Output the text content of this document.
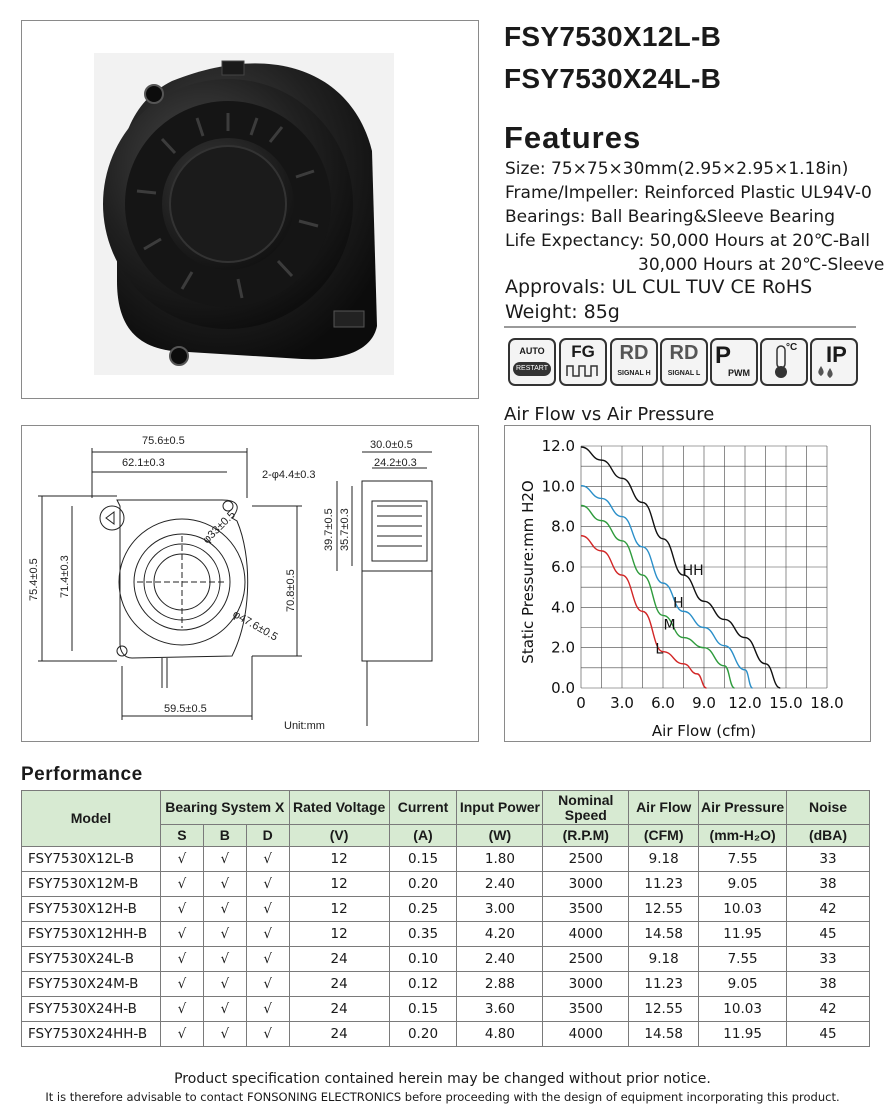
FSY7530X12L-B
FSY7530X24L-B
Features
Size: 75×75×30mm(2.95×2.95×1.18in)
Frame/Impeller: Reinforced Plastic UL94V-0
Bearings: Ball Bearing&Sleeve Bearing
Life Expectancy: 50,000 Hours at 20℃-Ball
30,000 Hours at 20℃-Sleeve
Approvals: UL CUL TUV CE RoHS
Weight: 85g
AUTO
RESTART
FG	RD
SIGNAL H
RD
SIGNAL L
P
PWM
°C IP
75.6±0.5
62.1±0.3
2-φ4.4±0.3
φ33±0.5
φ47.6±0.5
75.4±0.5 71.4±0.3	70.8±0.5
59.5±0.5
30.0±0.5
24.2±0.3
39.7±0.5 35.7±0.3
Unit:mm
Air Flow vs Air Pressure
0 3.0 6.0 9.0 12.0 15.0 18.0
0.0
2.0
4.0
6.0
8.0
10.0
12.0
Air Flow (cfm)
Static Pressure:mm H2O	HH
H
M
L
Performance
Model	Bearing System X			Rated Voltage	Current	Input Power	Nominal Speed	Air Flow	Air Pressure	Noise
	S	B	D	(V)	(A)	(W)	(R.P.M)	(CFM)	(mm-H₂O)	(dBA)
FSY7530X12L-B	√	√	√	12	0.15	1.80	2500	9.18	7.55	33
FSY7530X12M-B	√	√	√	12	0.20	2.40	3000	11.23	9.05	38
FSY7530X12H-B	√	√	√	12	0.25	3.00	3500	12.55	10.03	42
FSY7530X12HH-B	√	√	√	12	0.35	4.20	4000	14.58	11.95	45
FSY7530X24L-B	√	√	√	24	0.10	2.40	2500	9.18	7.55	33
FSY7530X24M-B	√	√	√	24	0.12	2.88	3000	11.23	9.05	38
FSY7530X24H-B	√	√	√	24	0.15	3.60	3500	12.55	10.03	42
FSY7530X24HH-B	√	√	√	24	0.20	4.80	4000	14.58	11.95	45
Product specification contained herein may be changed without prior notice.
It is therefore advisable to contact FONSONING ELECTRONICS before proceeding with the design of equipment incorporating this product.
